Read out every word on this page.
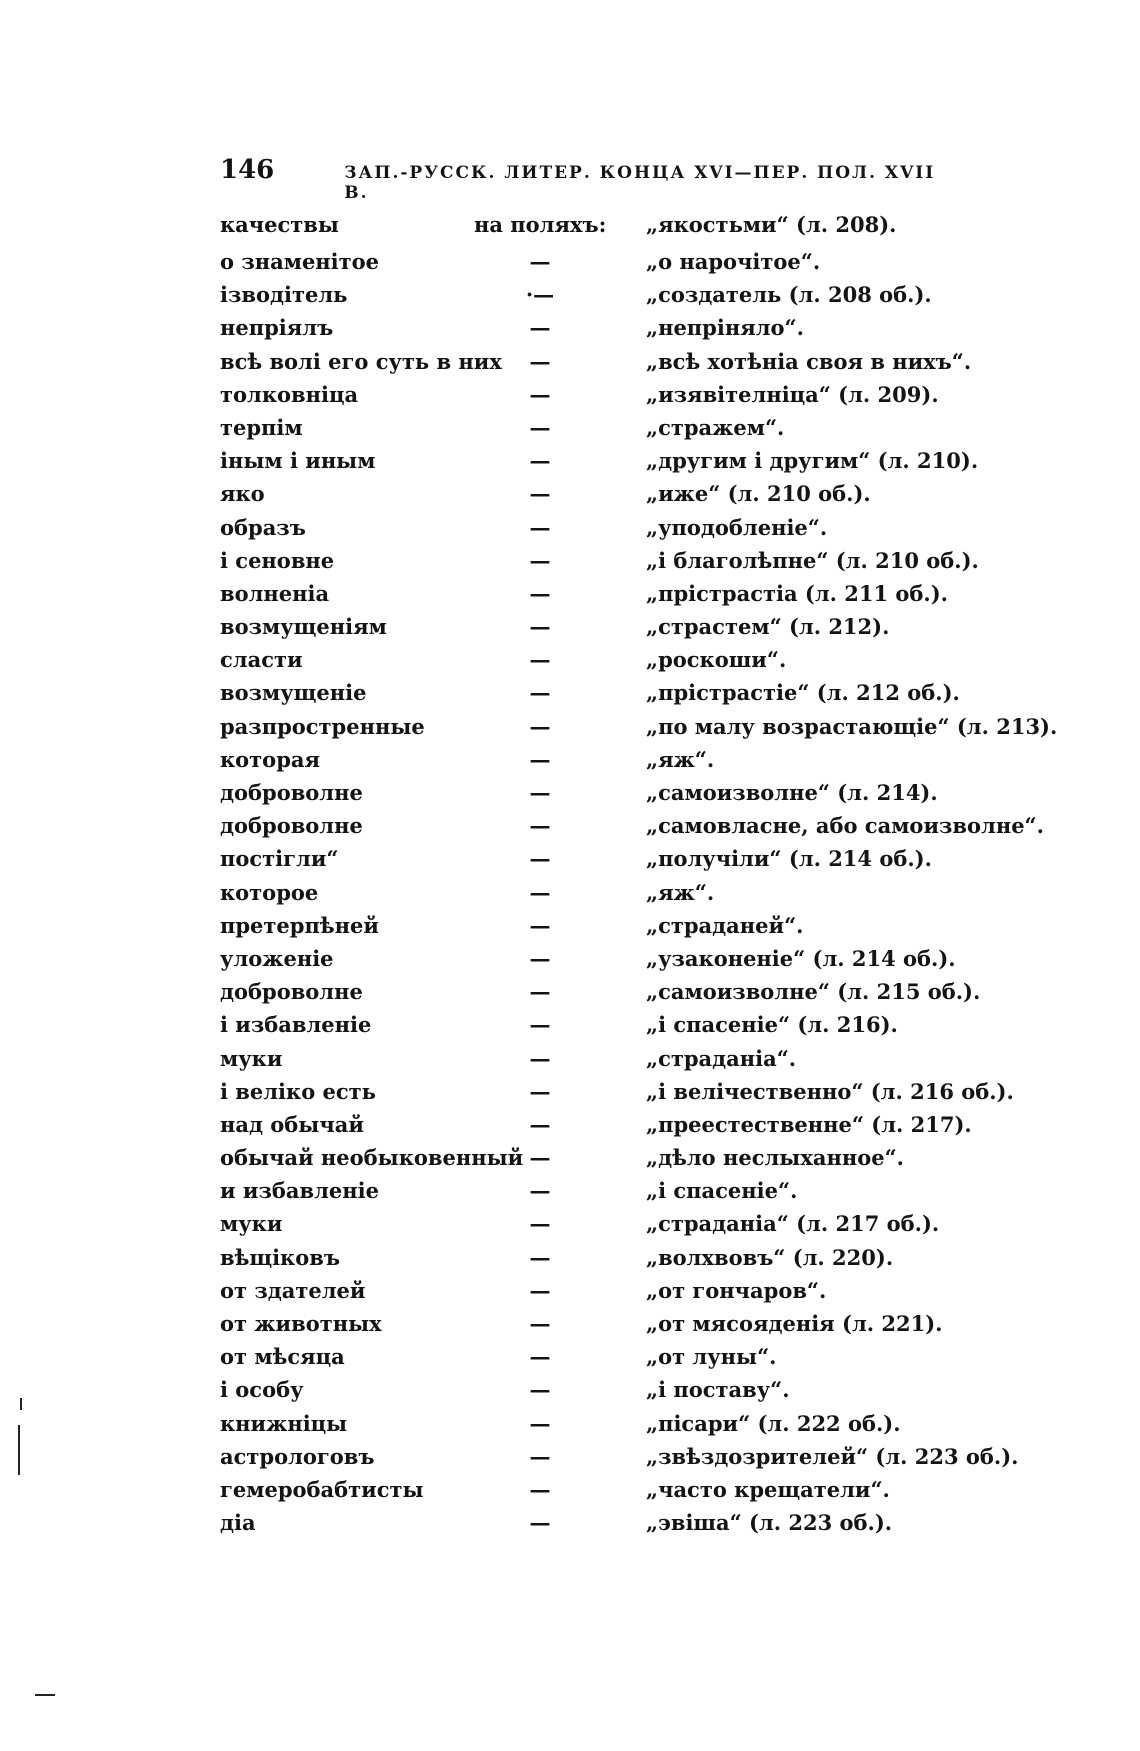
146	ЗАП.-РУССК. ЛИТЕР. КОНЦА XVI—ПЕР. ПОЛ. XVII В.
качествы	на поляхъ: „якостьми“ (л. 208).
о знаменітое	—	„о нарочітое“.
ізводітель	·—	„создатель (л. 208 об.).
непріялъ	—	„непріняло“.
всѣ волі его суть в них —	„всѣ хотѣніа своя в нихъ“.
толковніца	—	„изявітелніца“ (л. 209).
терпім	—	„стражем“.
іным і иным	—	„другим і другим“ (л. 210).
яко	—	„иже“ (л. 210 об.).
образъ	—	„уподобленіе“.
і сеновне	—	„і благолѣпне“ (л. 210 об.).
волненіа	—	„прістрастіа (л. 211 об.).
возмущеніям	—	„страстем“ (л. 212).
сласти	—	„роскоши“.
возмущеніе	—	„прістрастіе“ (л. 212 об.).
разпростренные	—	„по малу возрастающіе“ (л. 213).
которая	—	„яж“.
доброволне	—	„самоизволне“ (л. 214).
доброволне	—	„самовласне, або самоизволне“.
постігли“	—	„получіли“ (л. 214 об.).
которое	—	„яж“.
претерпѣней	—	„страданей“.
уложеніе	—	„узаконеніе“ (л. 214 об.).
доброволне	—	„самоизволне“ (л. 215 об.).
і избавленіе	—	„і спасеніе“ (л. 216).
муки	—	„страданіа“.
і веліко есть	—	„і велічественно“ (л. 216 об.).
над обычай	—	„преестественне“ (л. 217).
обычай необыковенный —	„дѣло неслыханное“.
и избавленіе	—	„і спасеніе“.
муки	—	„страданіа“ (л. 217 об.).
вѣщіковъ	—	„волхвовъ“ (л. 220).
от здателей	—	„от гончаров“.
от животных	—	„от мясояденія (л. 221).
от мѣсяца	—	„от луны“.
і особу	—	„і поставу“.
книжніцы	—	„пісари“ (л. 222 об.).
астрологовъ	—	„звѣздозрителей“ (л. 223 об.).
гемеробабтисты	—	„часто крещатели“.
діа	—	„эвіша“ (л. 223 об.).
